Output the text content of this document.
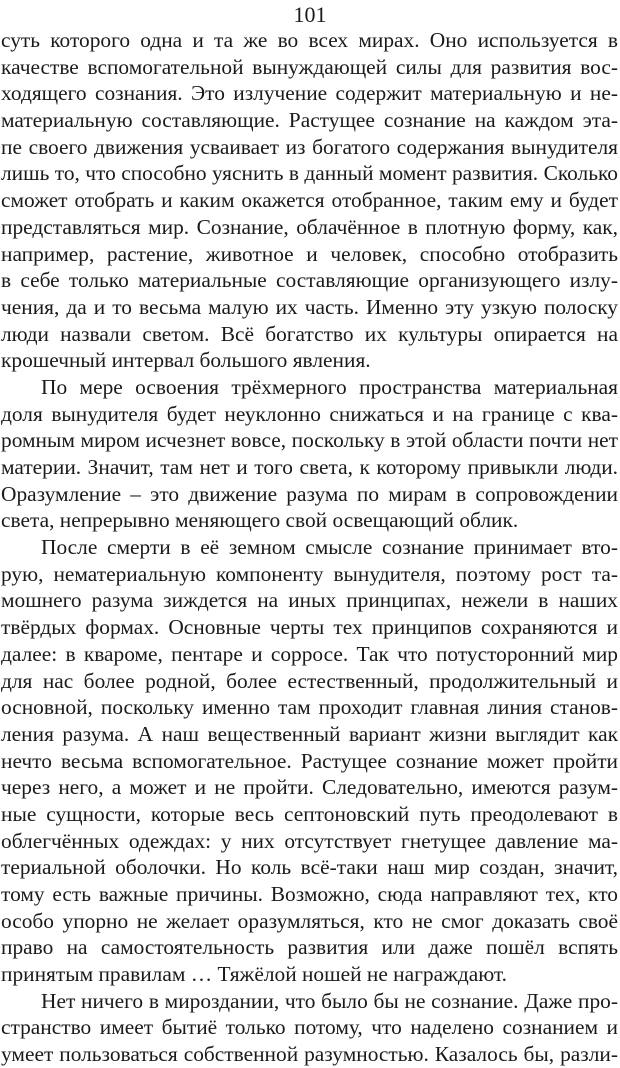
101
суть которого одна и та же во всех мирах. Оно используется в
качестве вспомогательной вынуждающей силы для развития вос-
ходящего сознания. Это излучение содержит материальную и не-
материальную составляющие. Растущее сознание на каждом эта-
пе своего движения усваивает из богатого содержания вынудителя
лишь то, что способно уяснить в данный момент развития. Сколько
сможет отобрать и каким окажется отобранное, таким ему и будет
представляться мир. Сознание, облачённое в плотную форму, как,
например, растение, животное и человек, способно отобразить
в себе только материальные составляющие организующего излу-
чения, да и то весьма малую их часть. Именно эту узкую полоску
люди назвали светом. Всё богатство их культуры опирается на
крошечный интервал большого явления.
По мере освоения трёхмерного пространства материальная
доля вынудителя будет неуклонно снижаться и на границе с ква-
ромным миром исчезнет вовсе, поскольку в этой области почти нет
материи. Значит, там нет и того света, к которому привыкли люди.
Оразумление – это движение разума по мирам в сопровождении
света, непрерывно меняющего свой освещающий облик.
После смерти в её земном смысле сознание принимает вто-
рую, нематериальную компоненту вынудителя, поэтому рост та-
мошнего разума зиждется на иных принципах, нежели в наших
твёрдых формах. Основные черты тех принципов сохраняются и
далее: в кваромe, пентаре и сорросе. Так что потусторонний мир
для нас более родной, более естественный, продолжительный и
основной, поскольку именно там проходит главная линия станов-
ления разума. А наш вещественный вариант жизни выглядит как
нечто весьма вспомогательное. Растущее сознание может пройти
через него, а может и не пройти. Следовательно, имеются разум-
ные сущности, которые весь септоновский путь преодолевают в
облегчённых одеждах: у них отсутствует гнетущее давление ма-
териальной оболочки. Но коль всё-таки наш мир создан, значит,
тому есть важные причины. Возможно, сюда направляют тех, кто
особо упорно не желает оразумляться, кто не смог доказать своё
право на самостоятельность развития или даже пошёл вспять
принятым правилам … Тяжёлой ношей не награждают.
Нет ничего в мироздании, что было бы не сознание. Даже про-
странство имеет бытиё только потому, что наделено сознанием и
умеет пользоваться собственной разумностью. Казалось бы, разли-
